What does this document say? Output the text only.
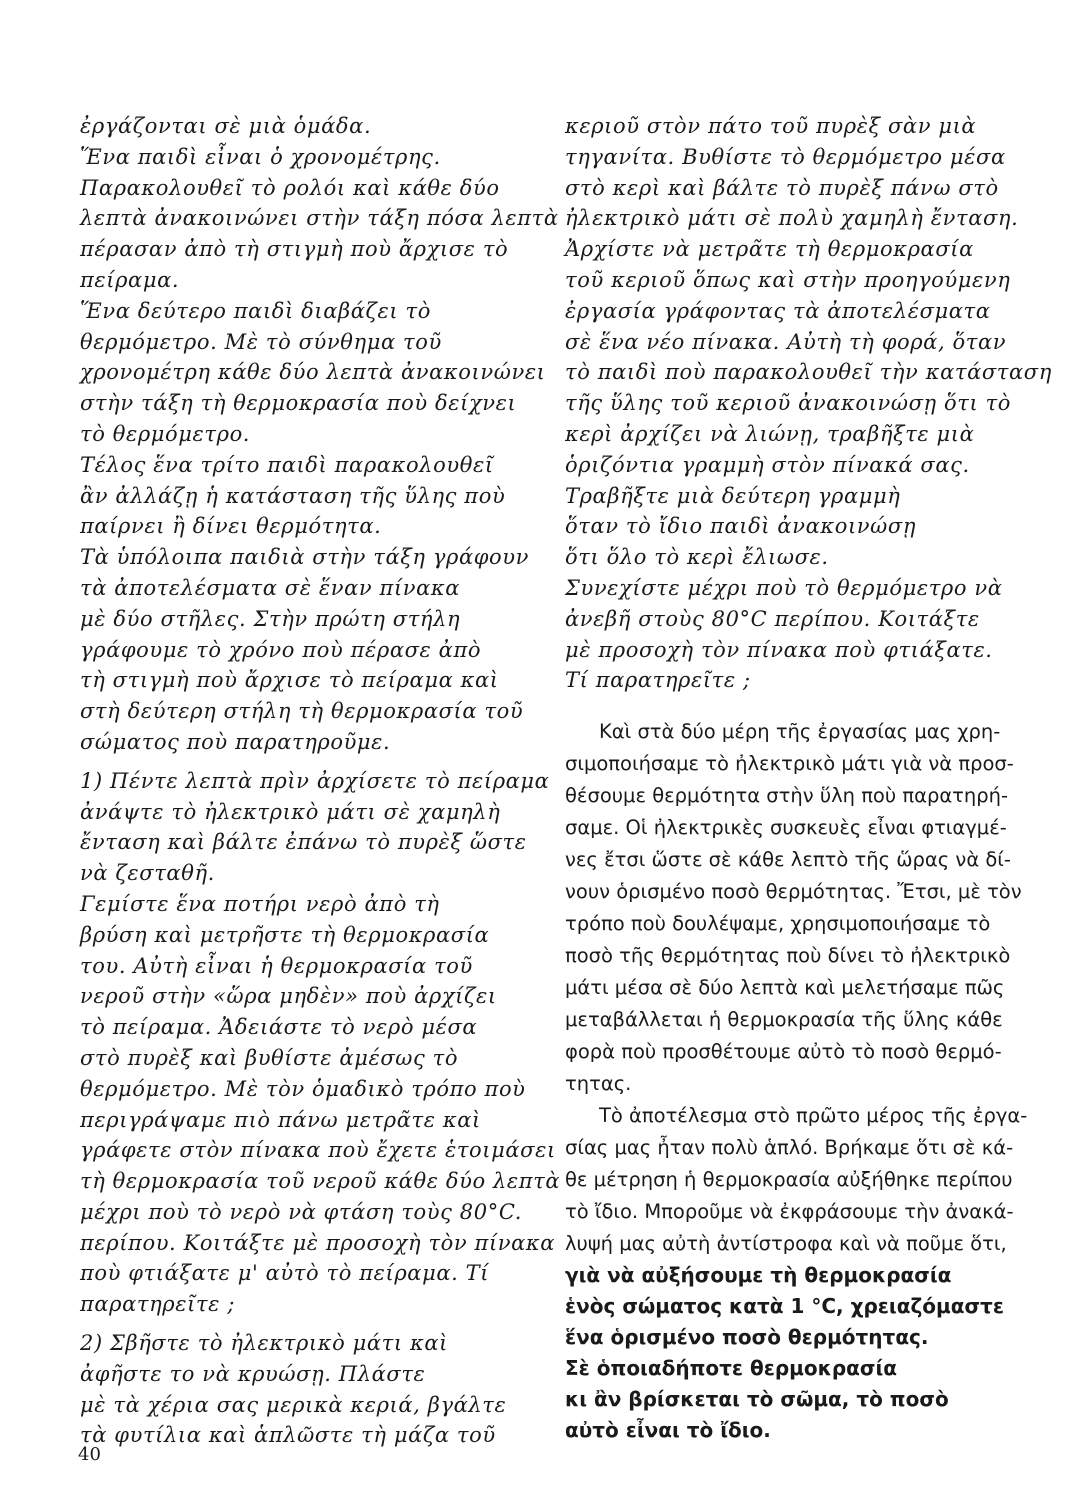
ἐργάζονται σὲ μιὰ ὁμάδα.
Ἕνα παιδὶ εἶναι ὁ χρονομέτρης.
Παρακολουθεῖ τὸ ρολόι καὶ κάθε δύο
λεπτὰ ἀνακοινώνει στὴν τάξη πόσα λεπτὰ
πέρασαν ἀπὸ τὴ στιγμὴ ποὺ ἄρχισε τὸ
πείραμα.
Ἕνα δεύτερο παιδὶ διαβάζει τὸ
θερμόμετρο. Μὲ τὸ σύνθημα τοῦ
χρονομέτρη κάθε δύο λεπτὰ ἀνακοινώνει
στὴν τάξη τὴ θερμοκρασία ποὺ δείχνει
τὸ θερμόμετρο.
Τέλος ἕνα τρίτο παιδὶ παρακολουθεῖ
ἂν ἀλλάζῃ ἡ κατάσταση τῆς ὕλης ποὺ
παίρνει ἢ δίνει θερμότητα.
Τὰ ὑπόλοιπα παιδιὰ στὴν τάξη γράφουν
τὰ ἀποτελέσματα σὲ ἕναν πίνακα
μὲ δύο στῆλες. Στὴν πρώτη στήλη
γράφουμε τὸ χρόνο ποὺ πέρασε ἀπὸ
τὴ στιγμὴ ποὺ ἄρχισε τὸ πείραμα καὶ
στὴ δεύτερη στήλη τὴ θερμοκρασία τοῦ
σώματος ποὺ παρατηροῦμε.
1) Πέντε λεπτὰ πρὶν ἀρχίσετε τὸ πείραμα
ἀνάψτε τὸ ἠλεκτρικὸ μάτι σὲ χαμηλὴ
ἔνταση καὶ βάλτε ἐπάνω τὸ πυρὲξ ὥστε
νὰ ζεσταθῆ.
Γεμίστε ἕνα ποτήρι νερὸ ἀπὸ τὴ
βρύση καὶ μετρῆστε τὴ θερμοκρασία
του. Αὐτὴ εἶναι ἡ θερμοκρασία τοῦ
νεροῦ στὴν «ὥρα μηδὲν» ποὺ ἀρχίζει
τὸ πείραμα. Ἀδειάστε τὸ νερὸ μέσα
στὸ πυρὲξ καὶ βυθίστε ἀμέσως τὸ
θερμόμετρο. Μὲ τὸν ὁμαδικὸ τρόπο ποὺ
περιγράψαμε πιὸ πάνω μετρᾶτε καὶ
γράφετε στὸν πίνακα ποὺ ἔχετε ἑτοιμάσει
τὴ θερμοκρασία τοῦ νεροῦ κάθε δύο λεπτὰ
μέχρι ποὺ τὸ νερὸ νὰ φτάση τοὺς 80°C.
περίπου. Κοιτάξτε μὲ προσοχὴ τὸν πίνακα
ποὺ φτιάξατε μ' αὐτὸ τὸ πείραμα. Τί
παρατηρεῖτε ;
2) Σβῆστε τὸ ἠλεκτρικὸ μάτι καὶ
ἀφῆστε το νὰ κρυώσῃ. Πλάστε
μὲ τὰ χέρια σας μερικὰ κεριά, βγάλτε
τὰ φυτίλια καὶ ἁπλῶστε τὴ μάζα τοῦ
κεριοῦ στὸν πάτο τοῦ πυρὲξ σὰν μιὰ
τηγανίτα. Βυθίστε τὸ θερμόμετρο μέσα
στὸ κερὶ καὶ βάλτε τὸ πυρὲξ πάνω στὸ
ἠλεκτρικὸ μάτι σὲ πολὺ χαμηλὴ ἔνταση.
Ἀρχίστε νὰ μετρᾶτε τὴ θερμοκρασία
τοῦ κεριοῦ ὅπως καὶ στὴν προηγούμενη
ἐργασία γράφοντας τὰ ἀποτελέσματα
σὲ ἕνα νέο πίνακα. Αὐτὴ τὴ φορά, ὅταν
τὸ παιδὶ ποὺ παρακολουθεῖ τὴν κατάσταση
τῆς ὕλης τοῦ κεριοῦ ἀνακοινώσῃ ὅτι τὸ
κερὶ ἀρχίζει νὰ λιώνῃ, τραβῆξτε μιὰ
ὁριζόντια γραμμὴ στὸν πίνακά σας.
Τραβῆξτε μιὰ δεύτερη γραμμὴ
ὅταν τὸ ἴδιο παιδὶ ἀνακοινώσῃ
ὅτι ὅλο τὸ κερὶ ἔλιωσε.
Συνεχίστε μέχρι ποὺ τὸ θερμόμετρο νὰ
ἀνεβῆ στοὺς 80°C περίπου. Κοιτάξτε
μὲ προσοχὴ τὸν πίνακα ποὺ φτιάξατε.
Τί παρατηρεῖτε ;

Καὶ στὰ δύο μέρη τῆς ἐργασίας μας χρη-
σιμοποιήσαμε τὸ ἠλεκτρικὸ μάτι γιὰ νὰ προσ-
θέσουμε θερμότητα στὴν ὕλη ποὺ παρατηρή-
σαμε. Οἱ ἠλεκτρικὲς συσκευὲς εἶναι φτιαγμέ-
νες ἔτσι ὥστε σὲ κάθε λεπτὸ τῆς ὥρας νὰ δί-
νουν ὁρισμένο ποσὸ θερμότητας. Ἔτσι, μὲ τὸν
τρόπο ποὺ δουλέψαμε, χρησιμοποιήσαμε τὸ
ποσὸ τῆς θερμότητας ποὺ δίνει τὸ ἠλεκτρικὸ
μάτι μέσα σὲ δύο λεπτὰ καὶ μελετήσαμε πῶς
μεταβάλλεται ἡ θερμοκρασία τῆς ὕλης κάθε
φορὰ ποὺ προσθέτουμε αὐτὸ τὸ ποσὸ θερμό-
τητας.

Τὸ ἀποτέλεσμα στὸ πρῶτο μέρος τῆς ἐργα-
σίας μας ἦταν πολὺ ἁπλό. Βρήκαμε ὅτι σὲ κά-
θε μέτρηση ἡ θερμοκρασία αὐξήθηκε περίπου
τὸ ἴδιο. Μποροῦμε νὰ ἐκφράσουμε τὴν ἀνακά-
λυψή μας αὐτὴ ἀντίστροφα καὶ νὰ ποῦμε ὅτι,

γιὰ νὰ αὐξήσουμε τὴ θερμοκρασία
ἑνὸς σώματος κατὰ 1 °C, χρειαζόμαστε
ἕνα ὁρισμένο ποσὸ θερμότητας.
Σὲ ὁποιαδήποτε θερμοκρασία
κι ἂν βρίσκεται τὸ σῶμα, τὸ ποσὸ
αὐτὸ εἶναι τὸ ἴδιο.

40
